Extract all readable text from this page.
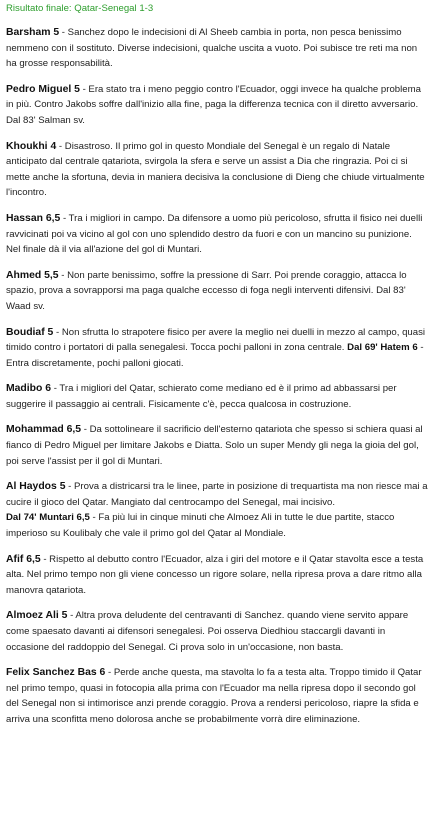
Risultato finale: Qatar-Senegal 1-3
Barsham 5 - Sanchez dopo le indecisioni di Al Sheeb cambia in porta, non pesca benissimo nemmeno con il sostituto. Diverse indecisioni, qualche uscita a vuoto. Poi subisce tre reti ma non ha grosse responsabilità.
Pedro Miguel 5 - Era stato tra i meno peggio contro l'Ecuador, oggi invece ha qualche problema in più. Contro Jakobs soffre dall'inizio alla fine, paga la differenza tecnica con il diretto avversario. Dal 83' Salman sv.
Khoukhi 4 - Disastroso. Il primo gol in questo Mondiale del Senegal è un regalo di Natale anticipato dal centrale qatariota, svirgola la sfera e serve un assist a Dia che ringrazia. Poi ci si mette anche la sfortuna, devia in maniera decisiva la conclusione di Dieng che chiude virtualmente l'incontro.
Hassan 6,5 - Tra i migliori in campo. Da difensore a uomo più pericoloso, sfrutta il fisico nei duelli ravvicinati poi va vicino al gol con uno splendido destro da fuori e con un mancino su punizione. Nel finale dà il via all'azione del gol di Muntari.
Ahmed 5,5 - Non parte benissimo, soffre la pressione di Sarr. Poi prende coraggio, attacca lo spazio, prova a sovrapporsi ma paga qualche eccesso di foga negli interventi difensivi. Dal 83' Waad sv.
Boudiaf 5 - Non sfrutta lo strapotere fisico per avere la meglio nei duelli in mezzo al campo, quasi timido contro i portatori di palla senegalesi. Tocca pochi palloni in zona centrale. Dal 69' Hatem 6 - Entra discretamente, pochi palloni giocati.
Madibo 6 - Tra i migliori del Qatar, schierato come mediano ed è il primo ad abbassarsi per suggerire il passaggio ai centrali. Fisicamente c'è, pecca qualcosa in costruzione.
Mohammad 6,5 - Da sottolineare il sacrificio dell'esterno qatariota che spesso si schiera quasi al fianco di Pedro Miguel per limitare Jakobs e Diatta. Solo un super Mendy gli nega la gioia del gol, poi serve l'assist per il gol di Muntari.
Al Haydos 5 - Prova a districarsi tra le linee, parte in posizione di trequartista ma non riesce mai a cucire il gioco del Qatar. Mangiato dal centrocampo del Senegal, mai incisivo.
Dal 74' Muntari 6,5 - Fa più lui in cinque minuti che Almoez Ali in tutte le due partite, stacco imperioso su Koulibaly che vale il primo gol del Qatar al Mondiale.
Afif 6,5 - Rispetto al debutto contro l'Ecuador, alza i giri del motore e il Qatar stavolta esce a testa alta. Nel primo tempo non gli viene concesso un rigore solare, nella ripresa prova a dare ritmo alla manovra qatariota.
Almoez Ali 5 - Altra prova deludente del centravanti di Sanchez. quando viene servito appare come spaesato davanti ai difensori senegalesi. Poi osserva Diedhiou staccargli davanti in occasione del raddoppio del Senegal. Ci prova solo in un'occasione, non basta.
Felix Sanchez Bas 6 - Perde anche questa, ma stavolta lo fa a testa alta. Troppo timido il Qatar nel primo tempo, quasi in fotocopia alla prima con l'Ecuador ma nella ripresa dopo il secondo gol del Senegal non si intimorisce anzi prende coraggio. Prova a rendersi pericoloso, riapre la sfida e arriva una sconfitta meno dolorosa anche se probabilmente vorrà dire eliminazione.
